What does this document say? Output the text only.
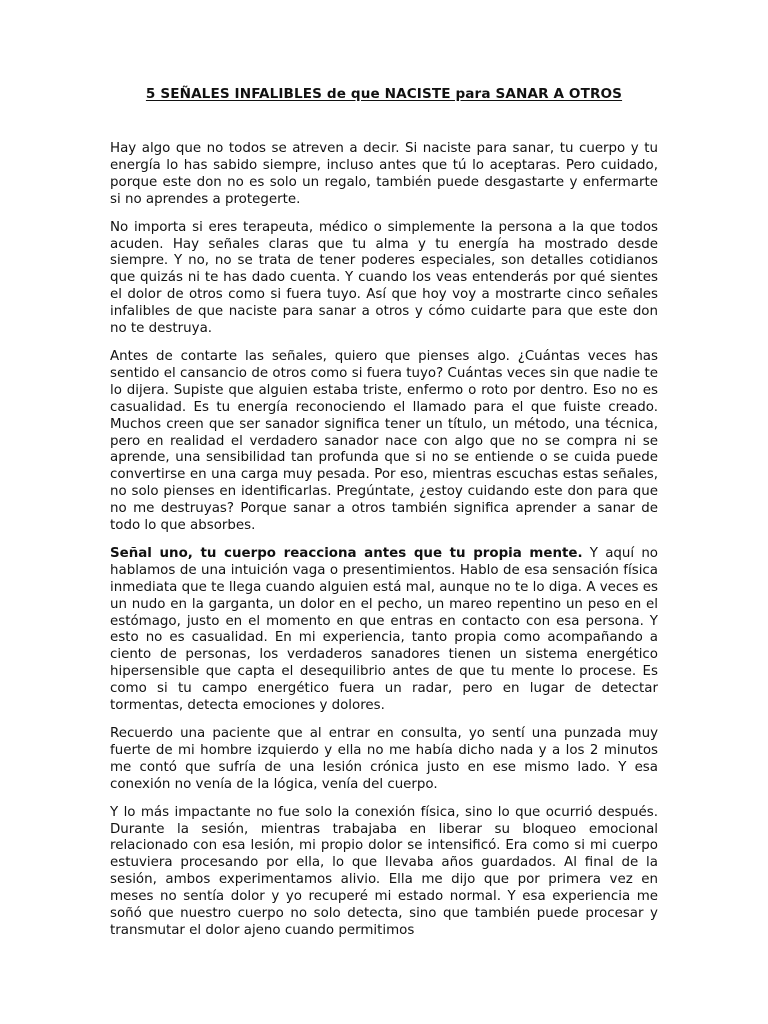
5 SEÑALES INFALIBLES de que NACISTE para SANAR A OTROS

Hay algo que no todos se atreven a decir. Si naciste para sanar, tu cuerpo y tu energía lo has sabido siempre, incluso antes que tú lo aceptaras. Pero cuidado, porque este don no es solo un regalo, también puede desgastarte y enfermarte si no aprendes a protegerte.

No importa si eres terapeuta, médico o simplemente la persona a la que todos acuden. Hay señales claras que tu alma y tu energía ha mostrado desde siempre. Y no, no se trata de tener poderes especiales, son detalles cotidianos que quizás ni te has dado cuenta. Y cuando los veas entenderás por qué sientes el dolor de otros como si fuera tuyo. Así que hoy voy a mostrarte cinco señales infalibles de que naciste para sanar a otros y cómo cuidarte para que este don no te destruya.

Antes de contarte las señales, quiero que pienses algo. ¿Cuántas veces has sentido el cansancio de otros como si fuera tuyo? Cuántas veces sin que nadie te lo dijera. Supiste que alguien estaba triste, enfermo o roto por dentro. Eso no es casualidad. Es tu energía reconociendo el llamado para el que fuiste creado. Muchos creen que ser sanador significa tener un título, un método, una técnica, pero en realidad el verdadero sanador nace con algo que no se compra ni se aprende, una sensibilidad tan profunda que si no se entiende o se cuida puede convertirse en una carga muy pesada. Por eso, mientras escuchas estas señales, no solo pienses en identificarlas. Pregúntate, ¿estoy cuidando este don para que no me destruyas? Porque sanar a otros también significa aprender a sanar de todo lo que absorbes.

Señal uno, tu cuerpo reacciona antes que tu propia mente. Y aquí no hablamos de una intuición vaga o presentimientos. Hablo de esa sensación física inmediata que te llega cuando alguien está mal, aunque no te lo diga. A veces es un nudo en la garganta, un dolor en el pecho, un mareo repentino un peso en el estómago, justo en el momento en que entras en contacto con esa persona. Y esto no es casualidad. En mi experiencia, tanto propia como acompañando a ciento de personas, los verdaderos sanadores tienen un sistema energético hipersensible que capta el desequilibrio antes de que tu mente lo procese. Es como si tu campo energético fuera un radar, pero en lugar de detectar tormentas, detecta emociones y dolores.

Recuerdo una paciente que al entrar en consulta, yo sentí una punzada muy fuerte de mi hombre izquierdo y ella no me había dicho nada y a los 2 minutos me contó que sufría de una lesión crónica justo en ese mismo lado. Y esa conexión no venía de la lógica, venía del cuerpo.

Y lo más impactante no fue solo la conexión física, sino lo que ocurrió después. Durante la sesión, mientras trabajaba en liberar su bloqueo emocional relacionado con esa lesión, mi propio dolor se intensificó. Era como si mi cuerpo estuviera procesando por ella, lo que llevaba años guardados. Al final de la sesión, ambos experimentamos alivio. Ella me dijo que por primera vez en meses no sentía dolor y yo recuperé mi estado normal. Y esa experiencia me soñó que nuestro cuerpo no solo detecta, sino que también puede procesar y transmutar el dolor ajeno cuando permitimos
